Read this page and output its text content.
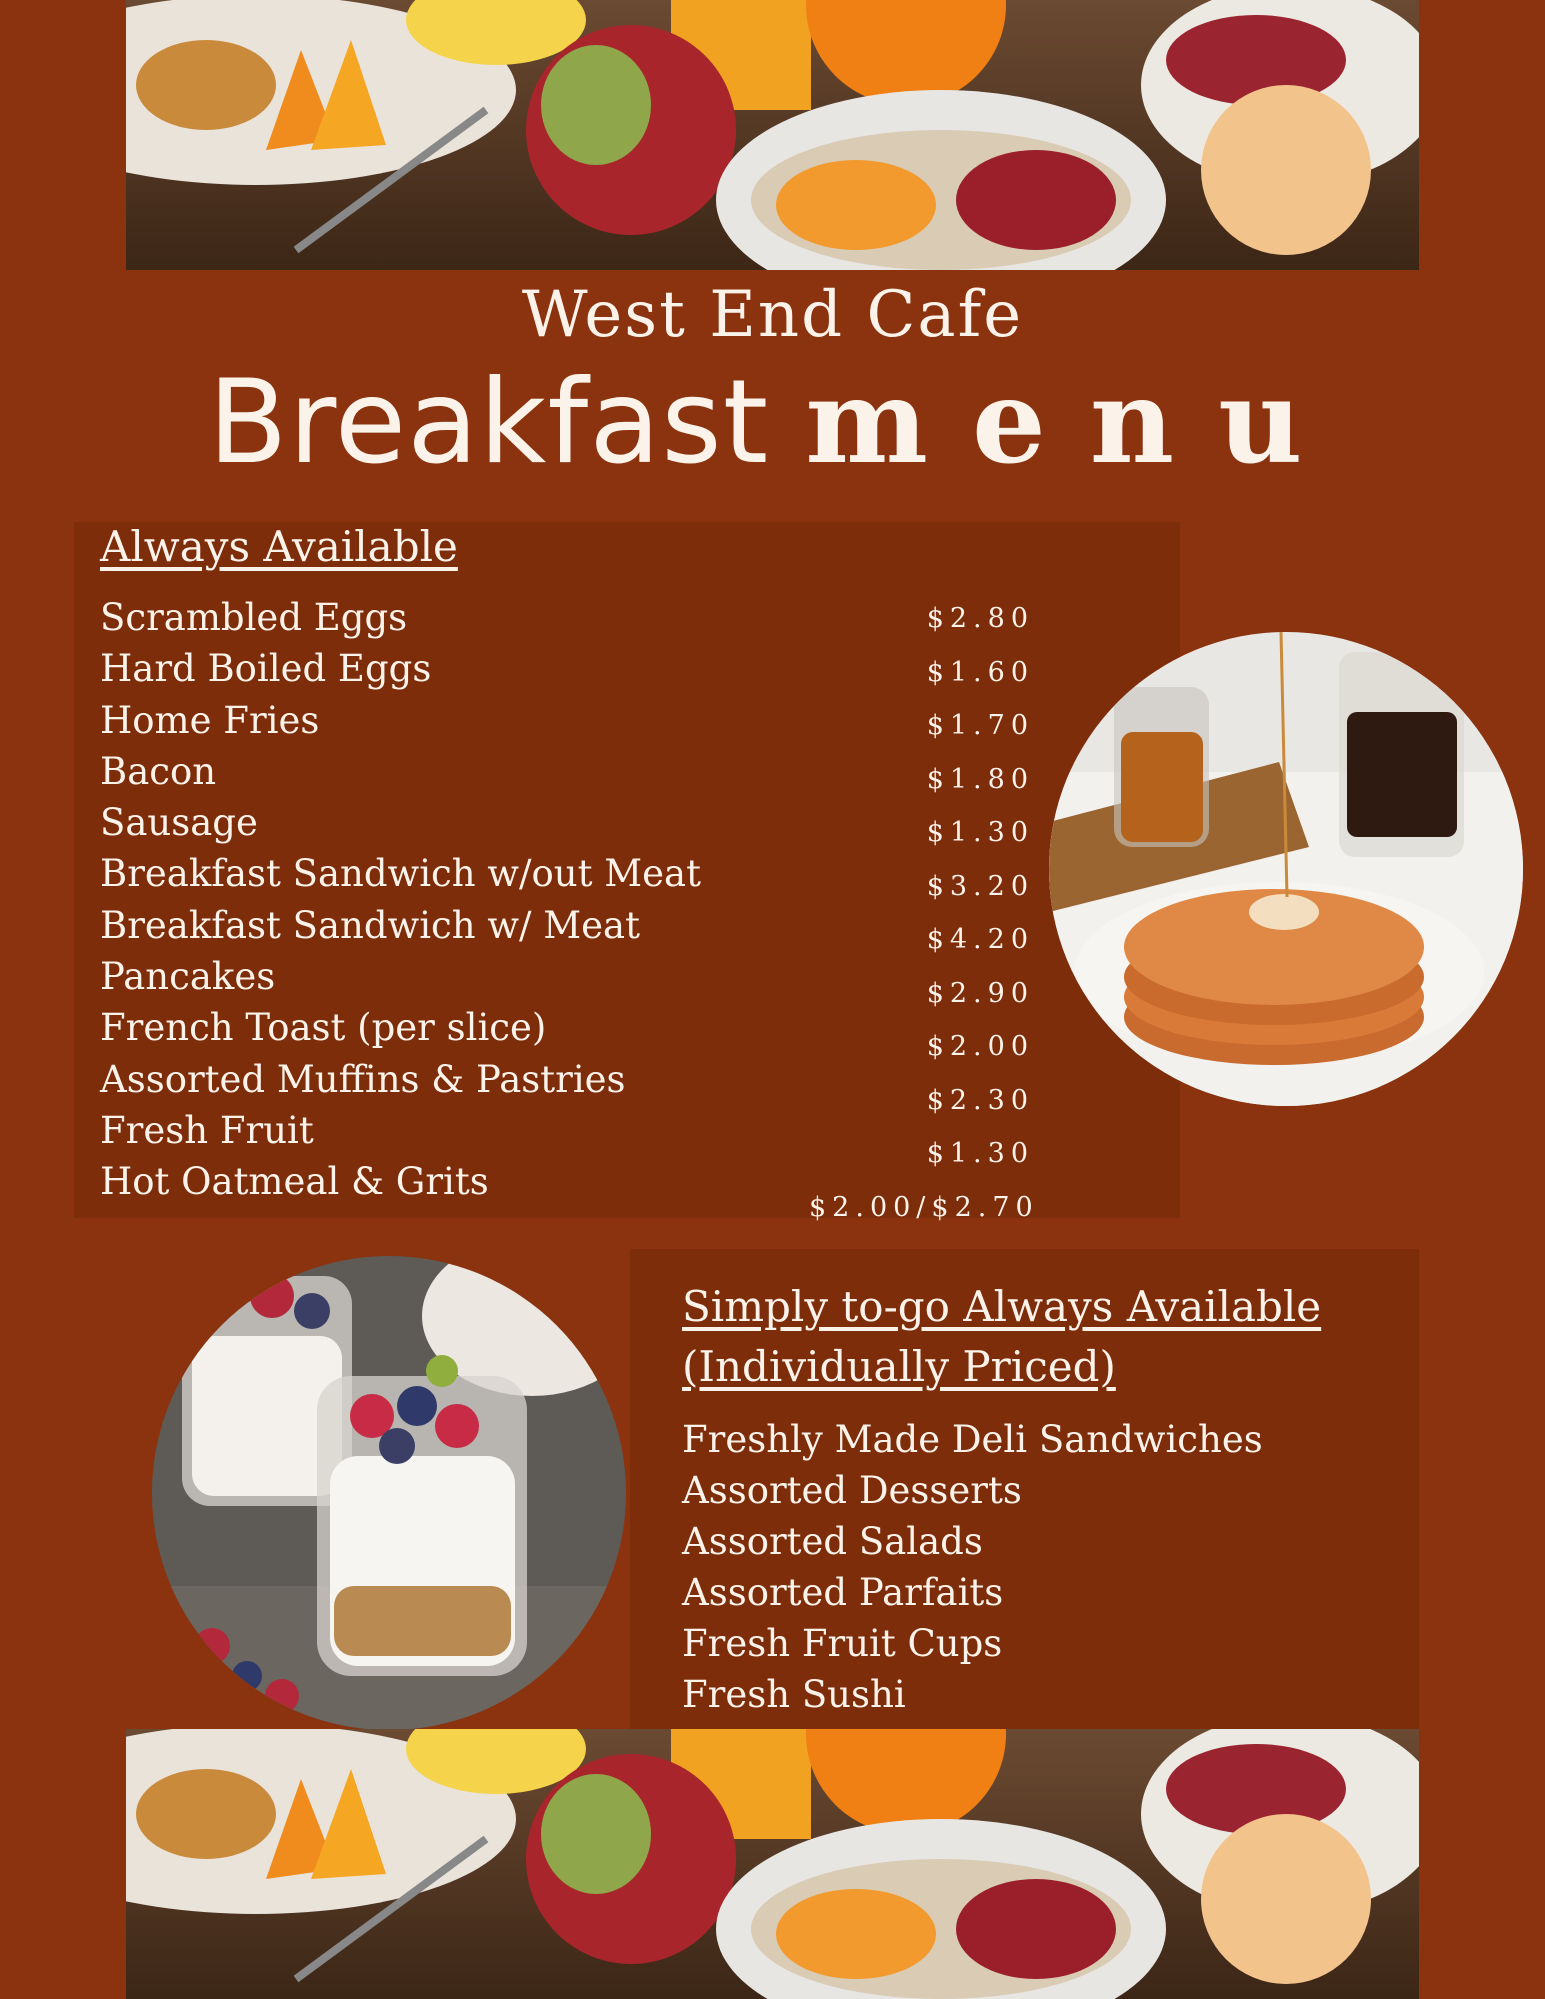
West End Cafe
Breakfast menu
Always Available
Scrambled Eggs
Hard Boiled Eggs
Home Fries
Bacon
Sausage
Breakfast Sandwich w/out Meat
Breakfast Sandwich w/ Meat
Pancakes
French Toast (per slice)
Assorted Muffins & Pastries
Fresh Fruit
Hot Oatmeal & Grits
$2.80
$1.60
$1.70
$1.80
$1.30
$3.20
$4.20
$2.90
$2.00
$2.30
$1.30
$2.00/$2.70
Simply to-go Always Available (Individually Priced)
Freshly Made Deli Sandwiches
Assorted Desserts
Assorted Salads
Assorted Parfaits
Fresh Fruit Cups
Fresh Sushi
